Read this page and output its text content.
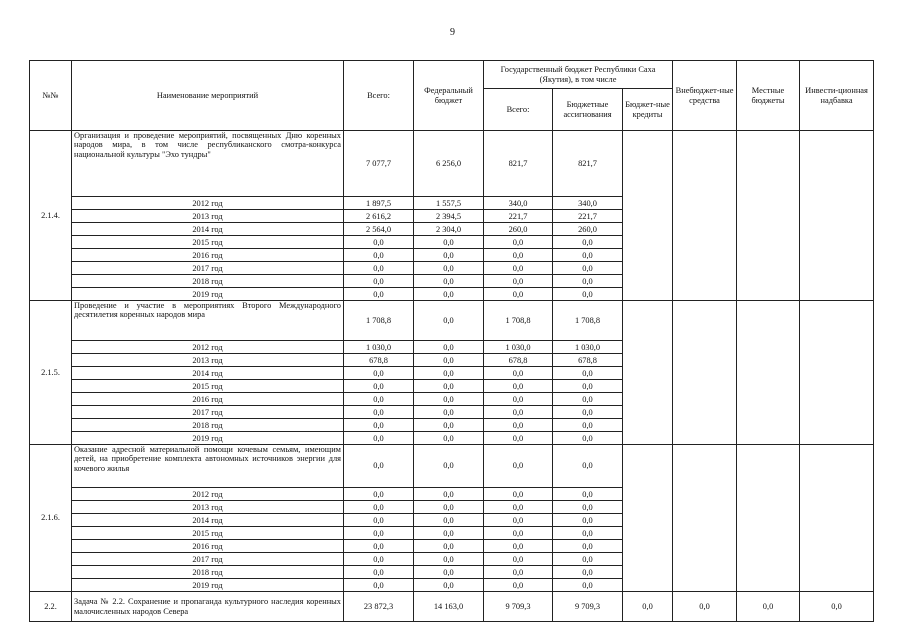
9
№№	Наименование мероприятий	Всего:	Федеральный бюджет	Государственный бюджет Республики Саха (Якутия), в том числе			Внебюджет-ные средства	Местные бюджеты	Инвести-ционная надбавка
				Всего:	Бюджетные ассигнования	Бюджет-ные кредиты			
2.1.4.	Организация и проведение мероприятий, посвященных Дню коренных народов мира, в том числе республиканского смотра-конкурса национальной культуры "Эхо тундры"	7 077,7	6 256,0	821,7	821,7				
	2012 год	1 897,5	1 557,5	340,0	340,0				
	2013 год	2 616,2	2 394,5	221,7	221,7				
	2014 год	2 564,0	2 304,0	260,0	260,0				
	2015 год	0,0	0,0	0,0	0,0				
	2016 год	0,0	0,0	0,0	0,0				
	2017 год	0,0	0,0	0,0	0,0				
	2018 год	0,0	0,0	0,0	0,0				
	2019 год	0,0	0,0	0,0	0,0				
2.1.5.	Проведение и участие в мероприятиях Второго Международного десятилетия коренных народов мира	1 708,8	0,0	1 708,8	1 708,8				
	2012 год	1 030,0	0,0	1 030,0	1 030,0				
	2013 год	678,8	0,0	678,8	678,8				
	2014 год	0,0	0,0	0,0	0,0				
	2015 год	0,0	0,0	0,0	0,0				
	2016 год	0,0	0,0	0,0	0,0				
	2017 год	0,0	0,0	0,0	0,0				
	2018 год	0,0	0,0	0,0	0,0				
	2019 год	0,0	0,0	0,0	0,0				
2.1.6.	Оказание адресной материальной помощи кочевым семьям, имеющим детей, на приобретение комплекта автономных источников энергии для кочевого жилья	0,0	0,0	0,0	0,0				
	2012 год	0,0	0,0	0,0	0,0				
	2013 год	0,0	0,0	0,0	0,0				
	2014 год	0,0	0,0	0,0	0,0				
	2015 год	0,0	0,0	0,0	0,0				
	2016 год	0,0	0,0	0,0	0,0				
	2017 год	0,0	0,0	0,0	0,0				
	2018 год	0,0	0,0	0,0	0,0				
	2019 год	0,0	0,0	0,0	0,0				
2.2.	Задача № 2.2. Сохранение и пропаганда культурного наследия коренных малочисленных народов Севера	23 872,3	14 163,0	9 709,3	9 709,3	0,0	0,0	0,0	0,0
